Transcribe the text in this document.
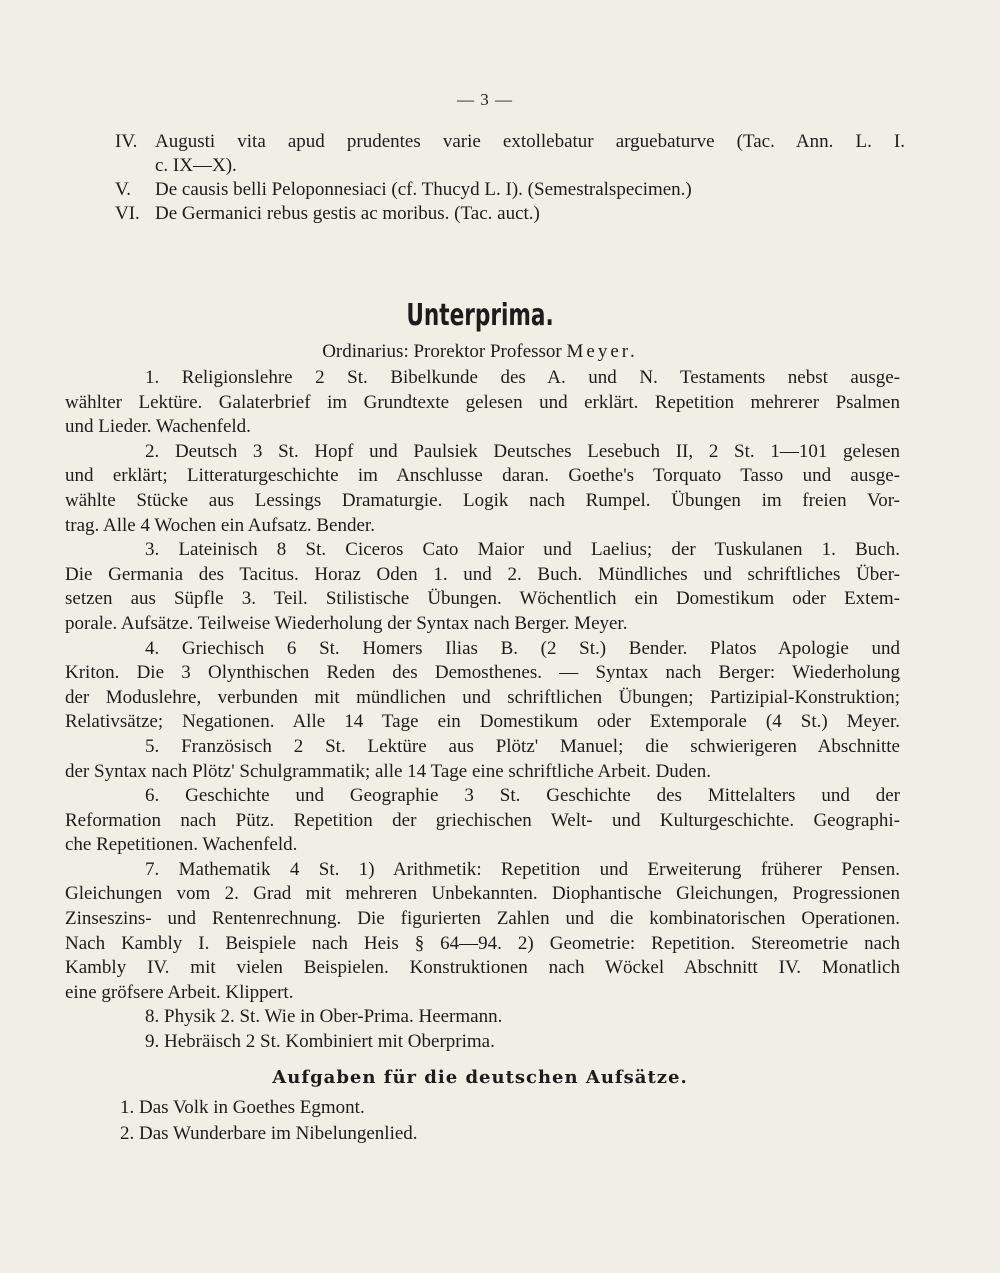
— 3 —
IV. Augusti vita apud prudentes varie extollebatur arguebaturve (Tac. Ann. L. I.
c. IX—X).
V. De causis belli Peloponnesiaci (cf. Thucyd L. I). (Semestralspecimen.)
VI. De Germanici rebus gestis ac moribus. (Tac. auct.)
Unterprima.
Ordinarius: Prorektor Professor Meyer.
1. Religionslehre 2 St. Bibelkunde des A. und N. Testaments nebst ausge-
wählter Lektüre. Galaterbrief im Grundtexte gelesen und erklärt. Repetition mehrerer Psalmen
und Lieder. Wachenfeld.
2. Deutsch 3 St. Hopf und Paulsiek Deutsches Lesebuch II, 2 St. 1—101 gelesen
und erklärt; Litteraturgeschichte im Anschlusse daran. Goethe's Torquato Tasso und ausge-
wählte Stücke aus Lessings Dramaturgie. Logik nach Rumpel. Übungen im freien Vor-
trag. Alle 4 Wochen ein Aufsatz. Bender.
3. Lateinisch 8 St. Ciceros Cato Maior und Laelius; der Tuskulanen 1. Buch.
Die Germania des Tacitus. Horaz Oden 1. und 2. Buch. Mündliches und schriftliches Über-
setzen aus Süpfle 3. Teil. Stilistische Übungen. Wöchentlich ein Domestikum oder Extem-
porale. Aufsätze. Teilweise Wiederholung der Syntax nach Berger. Meyer.
4. Griechisch 6 St. Homers Ilias B. (2 St.) Bender. Platos Apologie und
Kriton. Die 3 Olynthischen Reden des Demosthenes. — Syntax nach Berger: Wiederholung
der Moduslehre, verbunden mit mündlichen und schriftlichen Übungen; Partizipial-Konstruktion;
Relativsätze; Negationen. Alle 14 Tage ein Domestikum oder Extemporale (4 St.) Meyer.
5. Französisch 2 St. Lektüre aus Plötz' Manuel; die schwierigeren Abschnitte
der Syntax nach Plötz' Schulgrammatik; alle 14 Tage eine schriftliche Arbeit. Duden.
6. Geschichte und Geographie 3 St. Geschichte des Mittelalters und der
Reformation nach Pütz. Repetition der griechischen Welt- und Kulturgeschichte. Geographi-
che Repetitionen. Wachenfeld.
7. Mathematik 4 St. 1) Arithmetik: Repetition und Erweiterung früherer Pensen.
Gleichungen vom 2. Grad mit mehreren Unbekannten. Diophantische Gleichungen, Progressionen
Zinseszins- und Rentenrechnung. Die figurierten Zahlen und die kombinatorischen Operationen.
Nach Kambly I. Beispiele nach Heis § 64—94. 2) Geometrie: Repetition. Stereometrie nach
Kambly IV. mit vielen Beispielen. Konstruktionen nach Wöckel Abschnitt IV. Monatlich
eine gröfsere Arbeit. Klippert.
8. Physik 2. St. Wie in Ober-Prima. Heermann.
9. Hebräisch 2 St. Kombiniert mit Oberprima.
Aufgaben für die deutschen Aufsätze.
1. Das Volk in Goethes Egmont.
2. Das Wunderbare im Nibelungenlied.
